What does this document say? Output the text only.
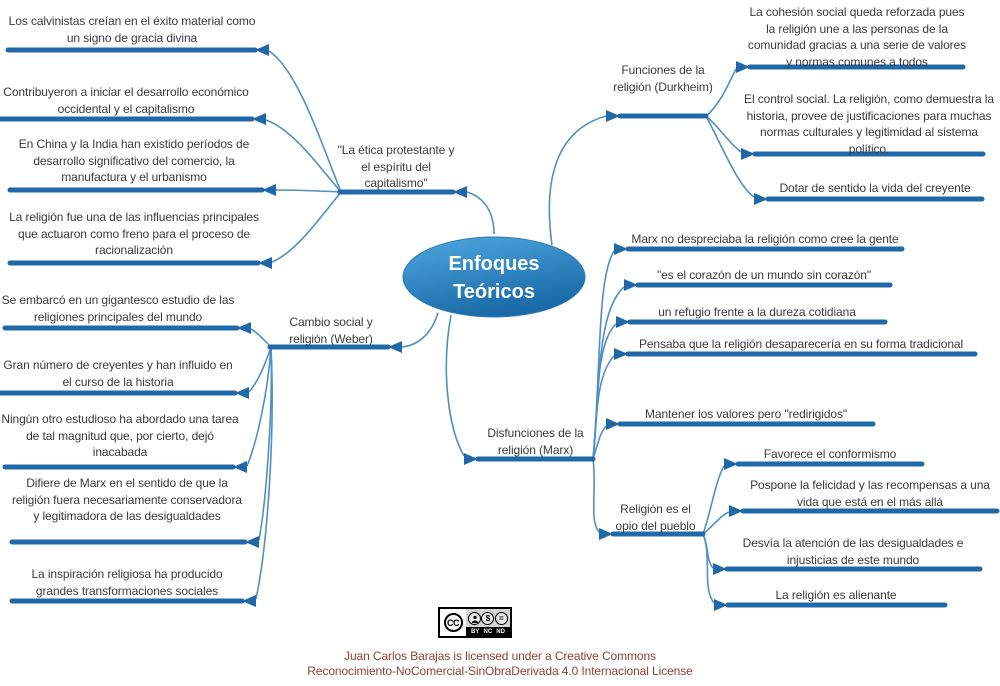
Enfoques Teóricos
"La ética protestante y el espíritu del capitalismo"
Los calvinistas creían en el éxito material como un signo de gracia divina
Contribuyeron a iniciar el desarrollo económico occidental y el capitalismo
En China y la India han existido períodos de desarrollo significativo del comercio, la manufactura y el urbanismo
La religión fue una de las influencias principales que actuaron como freno para el proceso de racionalización
Cambio social y religión (Weber)
Se embarcó en un gigantesco estudio de las religiones principales del mundo
Gran número de creyentes y han influido en el curso de la historia
Ningún otro estudioso ha abordado una tarea de tal magnitud que, por cierto, dejó inacabada
Difiere de Marx en el sentido de que la religión fuera necesariamente conservadora y legitimadora de las desigualdades
La inspiración religiosa ha producido grandes transformaciones sociales
Funciones de la religión (Durkheim)
La cohesión social queda reforzada pues la religión une a las personas de la comunidad gracias a una serie de valores y normas comunes a todos
El control social. La religión, como demuestra la historia, provee de justificaciones para muchas normas culturales y legitimidad al sistema político.
Dotar de sentido la vida del creyente
Disfunciones de la religión (Marx)
Marx no despreciaba la religión como cree la gente
"es el corazón de un mundo sin corazón"
un refugio frente a la dureza cotidiana
Pensaba que la religión desaparecería en su forma tradicional
Mantener los valores pero "redirigidos"
Religión es el opio del pueblo
Favorece el conformismo
Pospone la felicidad y las recompensas a una vida que está en el más allá
Desvía la atención de las desigualdades e injusticias de este mundo
La religión es alienante
CC	$	=
BY NC ND
Juan Carlos Barajas is licensed under a Creative Commons
Reconocimiento-NoComercial-SinObraDerivada 4.0 Internacional License
